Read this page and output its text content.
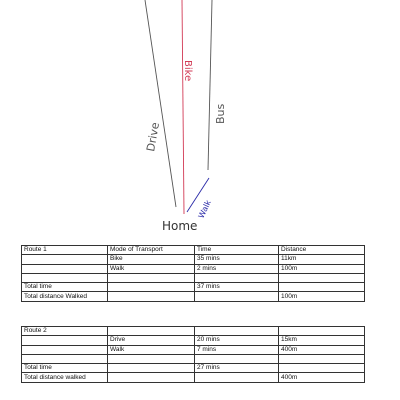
Drive
Bike
Bus
Walk
Home
Route 1	Mode of Transport	Time	Distance
	Bike	35 mins	11km
	Walk	2 mins	100m

Total time		37 mins	
Total distance Walked			100m
Route 2			
	Drive	20 mins	15km
	Walk	7 mins	400m

Total time		27 mins	
Total distance walked			400m
